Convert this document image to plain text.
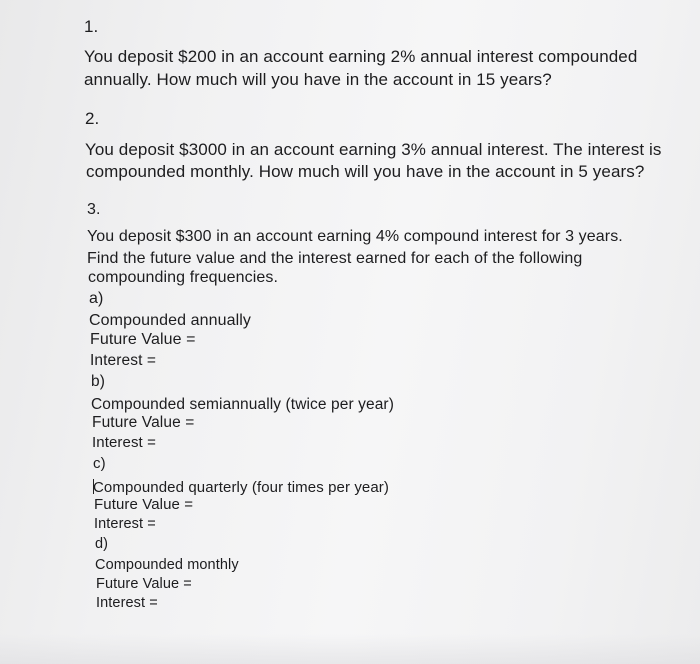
1.
You deposit $200 in an account earning 2% annual interest compounded
annually. How much will you have in the account in 15 years?
2.
You deposit $3000 in an account earning 3% annual interest. The interest is
compounded monthly. How much will you have in the account in 5 years?
3.
You deposit $300 in an account earning 4% compound interest for 3 years.
Find the future value and the interest earned for each of the following
compounding frequencies.
a)
Compounded annually
Future Value =
Interest =
b)
Compounded semiannually (twice per year)
Future Value =
Interest =
c)
Compounded quarterly (four times per year)
Future Value =
Interest =
d)
Compounded monthly
Future Value =
Interest =
